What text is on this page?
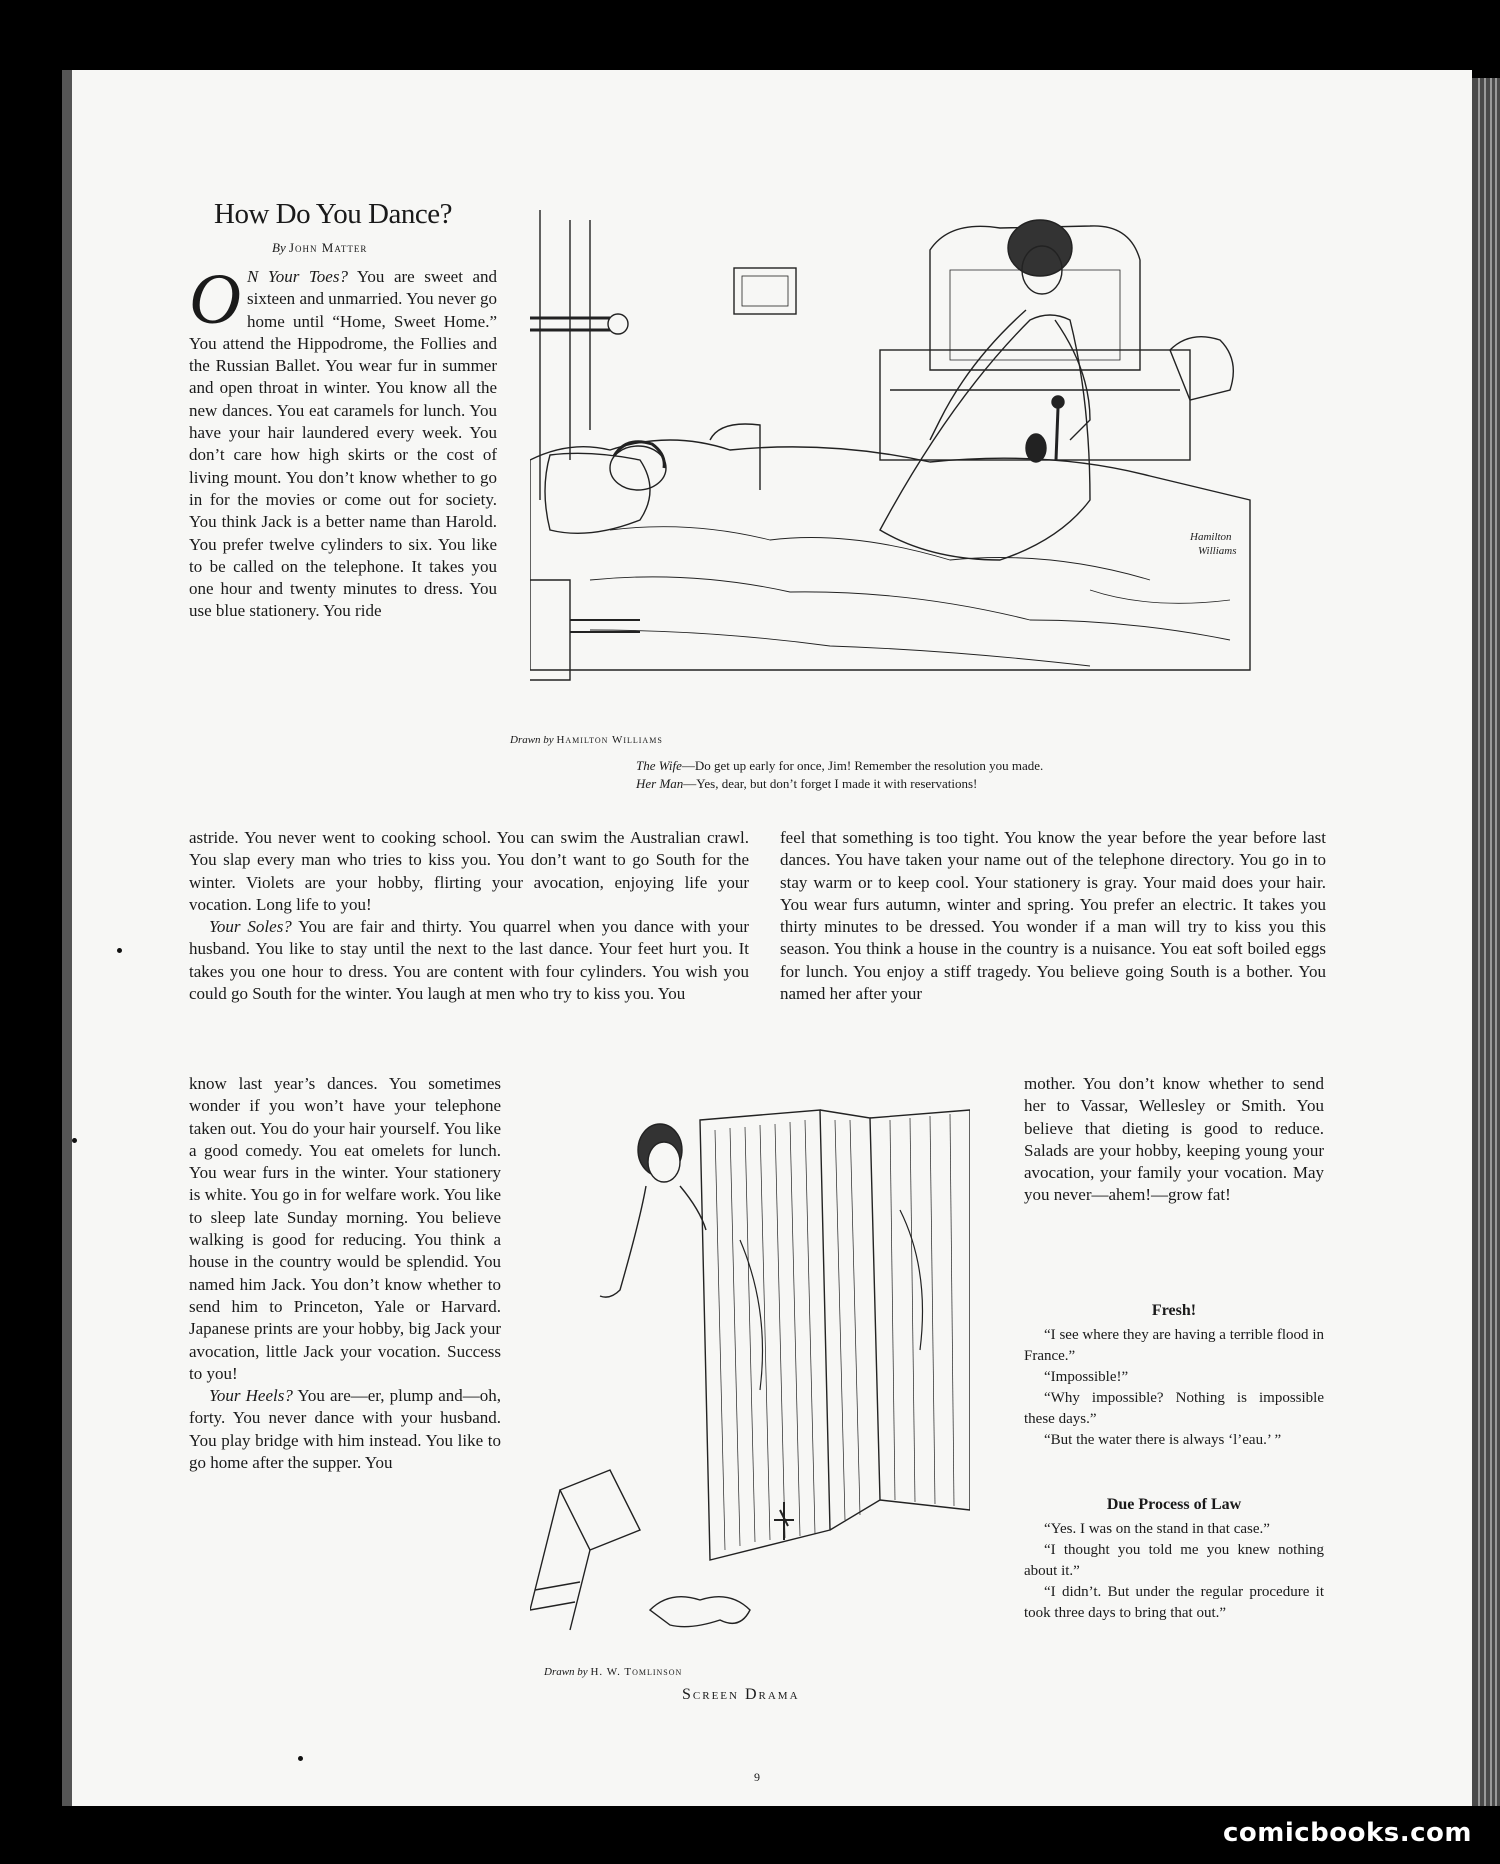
How Do You Dance?
By John Matter
Hamilton
Williams
Drawn by Hamilton Williams
The Wife—Do get up early for once, Jim! Remember the resolution you made.
Her Man—Yes, dear, but don’t forget I made it with reservations!

O N Your Toes? You are sweet and sixteen and unmarried. You never go home until “Home, Sweet Home.” You attend the Hippodrome, the Follies and the Russian Ballet. You wear fur in summer and open throat in winter. You know all the new dances. You eat caramels for lunch. You have your hair laundered every week. You don’t care how high skirts or the cost of living mount. You don’t know whether to go in for the movies or come out for society. You think Jack is a better name than Harold. You prefer twelve cylinders to six. You like to be called on the telephone. It takes you one hour and twenty minutes to dress. You use blue stationery. You ride

astride. You never went to cooking school. You can swim the Australian crawl. You slap every man who tries to kiss you. You don’t want to go South for the winter. Violets are your hobby, flirting your avocation, enjoying life your vocation. Long life to you!

Your Soles? You are fair and thirty. You quarrel when you dance with your husband. You like to stay until the next to the last dance. Your feet hurt you. It takes you one hour to dress. You are content with four cylinders. You wish you could go South for the winter. You laugh at men who try to kiss you. You

know last year’s dances. You sometimes wonder if you won’t have your telephone taken out. You do your hair yourself. You like a good comedy. You eat omelets for lunch. You wear furs in the winter. Your stationery is white. You go in for welfare work. You like to sleep late Sunday morning. You believe walking is good for reducing. You think a house in the country would be splendid. You named him Jack. You don’t know whether to send him to Princeton, Yale or Harvard. Japanese prints are your hobby, big Jack your avocation, little Jack your vocation. Success to you!

Your Heels? You are—er, plump and—oh, forty. You never dance with your husband. You play bridge with him instead. You like to go home after the supper. You

feel that something is too tight. You know the year before the year before last dances. You have taken your name out of the telephone directory. You go in to stay warm or to keep cool. Your stationery is gray. Your maid does your hair. You wear furs autumn, winter and spring. You prefer an electric. It takes you thirty minutes to be dressed. You wonder if a man will try to kiss you this season. You think a house in the country is a nuisance. You eat soft boiled eggs for lunch. You enjoy a stiff tragedy. You believe going South is a bother. You named her after your

Drawn by H. W. Tomlinson
Screen Drama

mother. You don’t know whether to send her to Vassar, Wellesley or Smith. You believe that dieting is good to reduce. Salads are your hobby, keeping young your avocation, your family your vocation. May you never—ahem!—grow fat!

Fresh!

“I see where they are having a terrible flood in France.”

“Impossible!”

“Why impossible? Nothing is impossible these days.”

“But the water there is always ‘l’eau.’ ”

Due Process of Law

“Yes. I was on the stand in that case.”

“I thought you told me you knew nothing about it.”

“I didn’t. But under the regular procedure it took three days to bring that out.”

9
comicbooks.com
